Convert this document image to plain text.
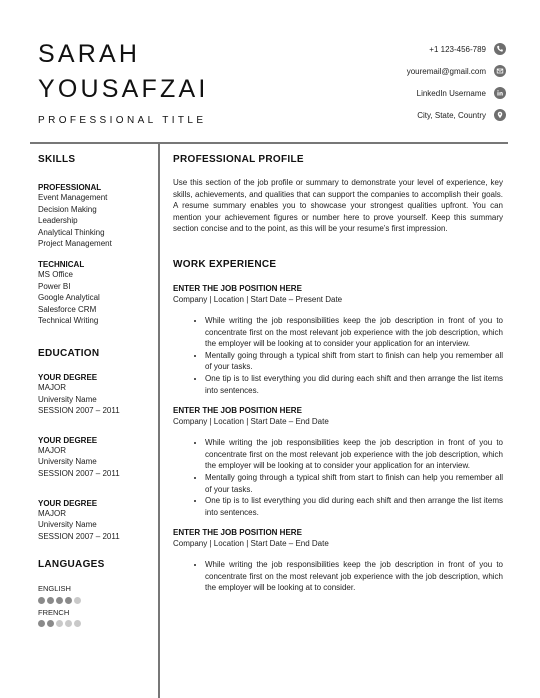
SARAH
YOUSAFZAI
PROFESSIONAL TITLE
+1 123-456-789
youremail@gmail.com
LinkedIn Username
City, State, Country
SKILLS
PROFESSIONAL
Event Management
Decision Making
Leadership
Analytical Thinking
Project Management
TECHNICAL
MS Office
Power BI
Google Analytical
Salesforce CRM
Technical Writing
EDUCATION
YOUR DEGREE
MAJOR
University Name
SESSION 2007 – 2011
YOUR DEGREE
MAJOR
University Name
SESSION 2007 – 2011
YOUR DEGREE
MAJOR
University Name
SESSION 2007 – 2011
LANGUAGES
ENGLISH
FRENCH
PROFESSIONAL PROFILE
Use this section of the job profile or summary to demonstrate your level of experience, key skills, achievements, and qualities that can support the companies to accomplish their goals. A resume summary enables you to showcase your strongest qualities upfront. You can mention your achievement figures or number here to prove yourself. Keep this summary section concise and to the point, as this will be your resume’s first impression.
WORK EXPERIENCE
ENTER THE JOB POSITION HERE
Company | Location | Start Date – Present Date
• While writing the job responsibilities keep the job description in front of you to concentrate first on the most relevant job experience with the job description, which the employer will be looking at to consider your application for an interview.
• Mentally going through a typical shift from start to finish can help you remember all of your tasks.
• One tip is to list everything you did during each shift and then arrange the list items into sentences.
ENTER THE JOB POSITION HERE
Company | Location | Start Date – End Date
• While writing the job responsibilities keep the job description in front of you to concentrate first on the most relevant job experience with the job description, which the employer will be looking at to consider your application for an interview.
• Mentally going through a typical shift from start to finish can help you remember all of your tasks.
• One tip is to list everything you did during each shift and then arrange the list items into sentences.
ENTER THE JOB POSITION HERE
Company | Location | Start Date – End Date
• While writing the job responsibilities keep the job description in front of you to concentrate first on the most relevant job experience with the job description, which the employer will be looking at to consider.
